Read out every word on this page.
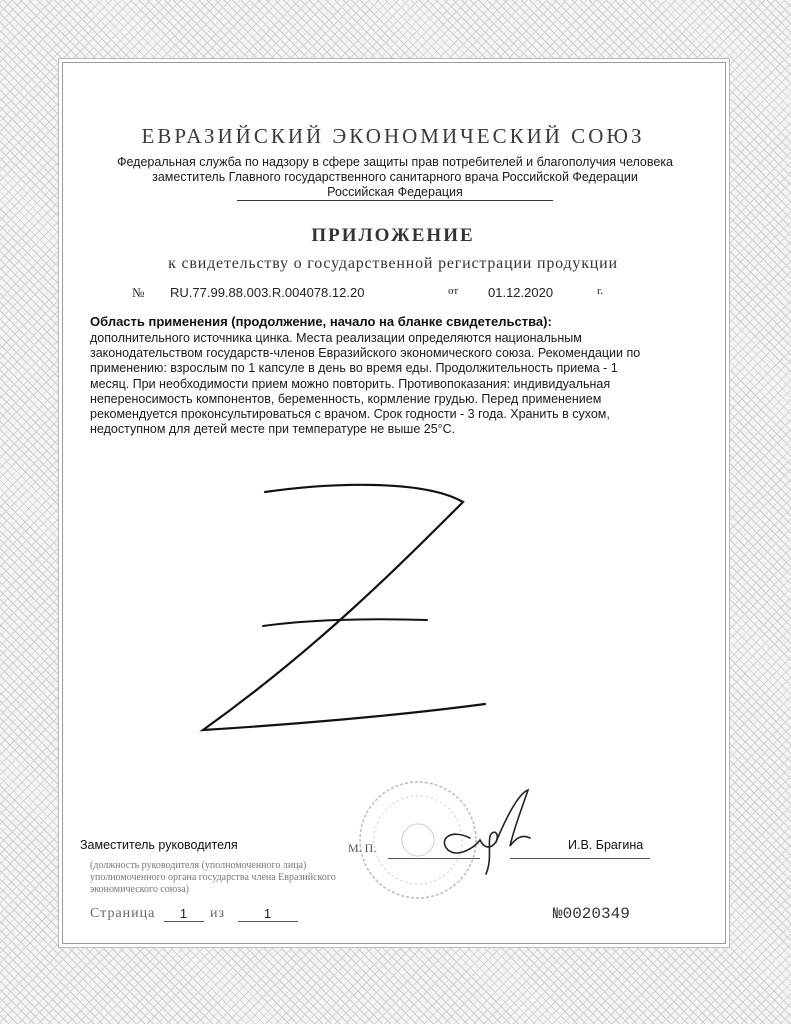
ЕВРАЗИЙСКИЙ ЭКОНОМИЧЕСКИЙ СОЮЗ
Федеральная служба по надзору в сфере защиты прав потребителей и благополучия человека
заместитель Главного государственного санитарного врача Российской Федерации
Российская Федерация
ПРИЛОЖЕНИЕ
к свидетельству о государственной регистрации продукции
№ RU.77.99.88.003.R.004078.12.20	от 01.12.2020	г.
Область применения (продолжение, начало на бланке свидетельства):
дополнительного источника цинка. Места реализации определяются национальным законодательством государств-членов Евразийского экономического союза. Рекомендации по применению: взрослым по 1 капсуле в день во время еды. Продолжительность приема - 1 месяц. При необходимости прием можно повторить. Противопоказания: индивидуальная непереносимость компонентов, беременность, кормление грудью. Перед применением рекомендуется проконсультироваться с врачом. Срок годности - 3 года. Хранить в сухом, недоступном для детей месте при температуре не выше 25°С.
Заместитель руководителя	М. П.	И.В. Брагина
(должность руководителя (уполномоченного лица) уполномоченного органа государства члена Евразийского экономического союза)
Страница	1	из	1	№0020349
